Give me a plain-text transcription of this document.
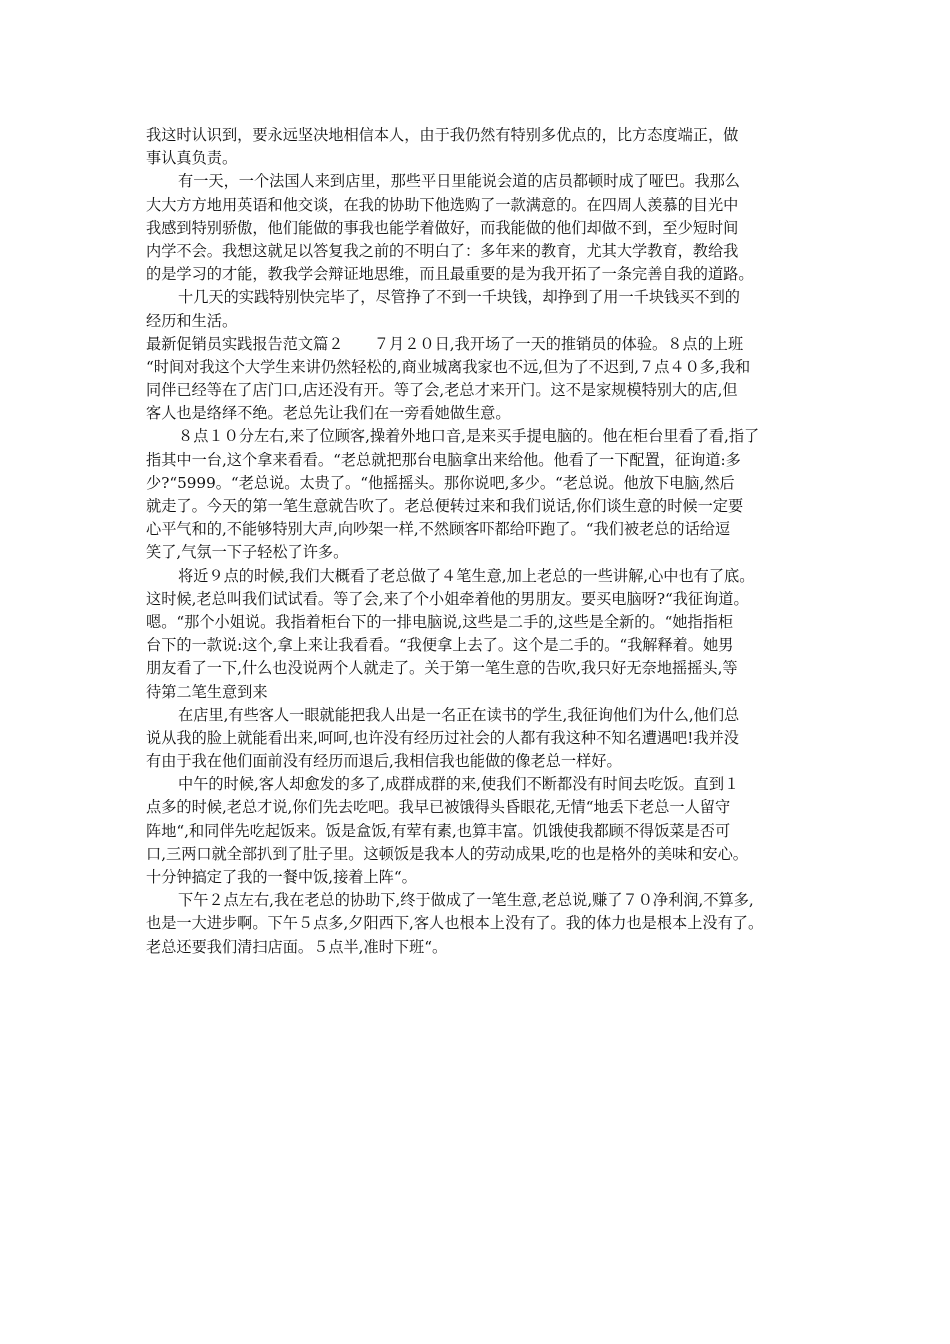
我这时认识到，要永远坚决地相信本人，由于我仍然有特别多优点的，比方态度端正，做
事认真负责。
有一天，一个法国人来到店里，那些平日里能说会道的店员都顿时成了哑巴。我那么
大大方方地用英语和他交谈，在我的协助下他选购了一款满意的。在四周人羡慕的目光中
我感到特别骄傲，他们能做的事我也能学着做好，而我能做的他们却做不到，至少短时间
内学不会。我想这就足以答复我之前的不明白了：多年来的教育，尤其大学教育，教给我
的是学习的才能，教我学会辩证地思维，而且最重要的是为我开拓了一条完善自我的道路。
十几天的实践特别快完毕了，尽管挣了不到一千块钱，却挣到了用一千块钱买不到的
经历和生活。
最新促销员实践报告范文篇２　　７月２０日,我开场了一天的推销员的体验。８点的上班
“时间对我这个大学生来讲仍然轻松的,商业城离我家也不远,但为了不迟到,７点４０多,我和
同伴已经等在了店门口,店还没有开。等了会,老总才来开门。这不是家规模特别大的店,但
客人也是络绎不绝。老总先让我们在一旁看她做生意。
８点１０分左右,来了位顾客,操着外地口音,是来买手提电脑的。他在柜台里看了看,指了
指其中一台,这个拿来看看。“老总就把那台电脑拿出来给他。他看了一下配置，征询道:多
少?“5999。“老总说。太贵了。“他摇摇头。那你说吧,多少。“老总说。他放下电脑,然后
就走了。今天的第一笔生意就告吹了。老总便转过来和我们说话,你们谈生意的时候一定要
心平气和的,不能够特别大声,向吵架一样,不然顾客吓都给吓跑了。“我们被老总的话给逗
笑了,气氛一下子轻松了许多。
将近９点的时候,我们大概看了老总做了４笔生意,加上老总的一些讲解,心中也有了底。
这时候,老总叫我们试试看。等了会,来了个小姐牵着他的男朋友。要买电脑呀?“我征询道。
嗯。“那个小姐说。我指着柜台下的一排电脑说,这些是二手的,这些是全新的。“她指指柜
台下的一款说:这个,拿上来让我看看。“我便拿上去了。这个是二手的。“我解释着。她男
朋友看了一下,什么也没说两个人就走了。关于第一笔生意的告吹,我只好无奈地摇摇头,等
待第二笔生意到来
在店里,有些客人一眼就能把我人出是一名正在读书的学生,我征询他们为什么,他们总
说从我的脸上就能看出来,呵呵,也许没有经历过社会的人都有我这种不知名遭遇吧!我并没
有由于我在他们面前没有经历而退后,我相信我也能做的像老总一样好。
中午的时候,客人却愈发的多了,成群成群的来,使我们不断都没有时间去吃饭。直到１
点多的时候,老总才说,你们先去吃吧。我早已被饿得头昏眼花,无情“地丢下老总一人留守
阵地“,和同伴先吃起饭来。饭是盒饭,有荤有素,也算丰富。饥饿使我都顾不得饭菜是否可
口,三两口就全部扒到了肚子里。这顿饭是我本人的劳动成果,吃的也是格外的美味和安心。
十分钟搞定了我的一餐中饭,接着上阵“。
下午２点左右,我在老总的协助下,终于做成了一笔生意,老总说,赚了７０净利润,不算多,
也是一大进步啊。下午５点多,夕阳西下,客人也根本上没有了。我的体力也是根本上没有了。
老总还要我们清扫店面。５点半,准时下班“。
